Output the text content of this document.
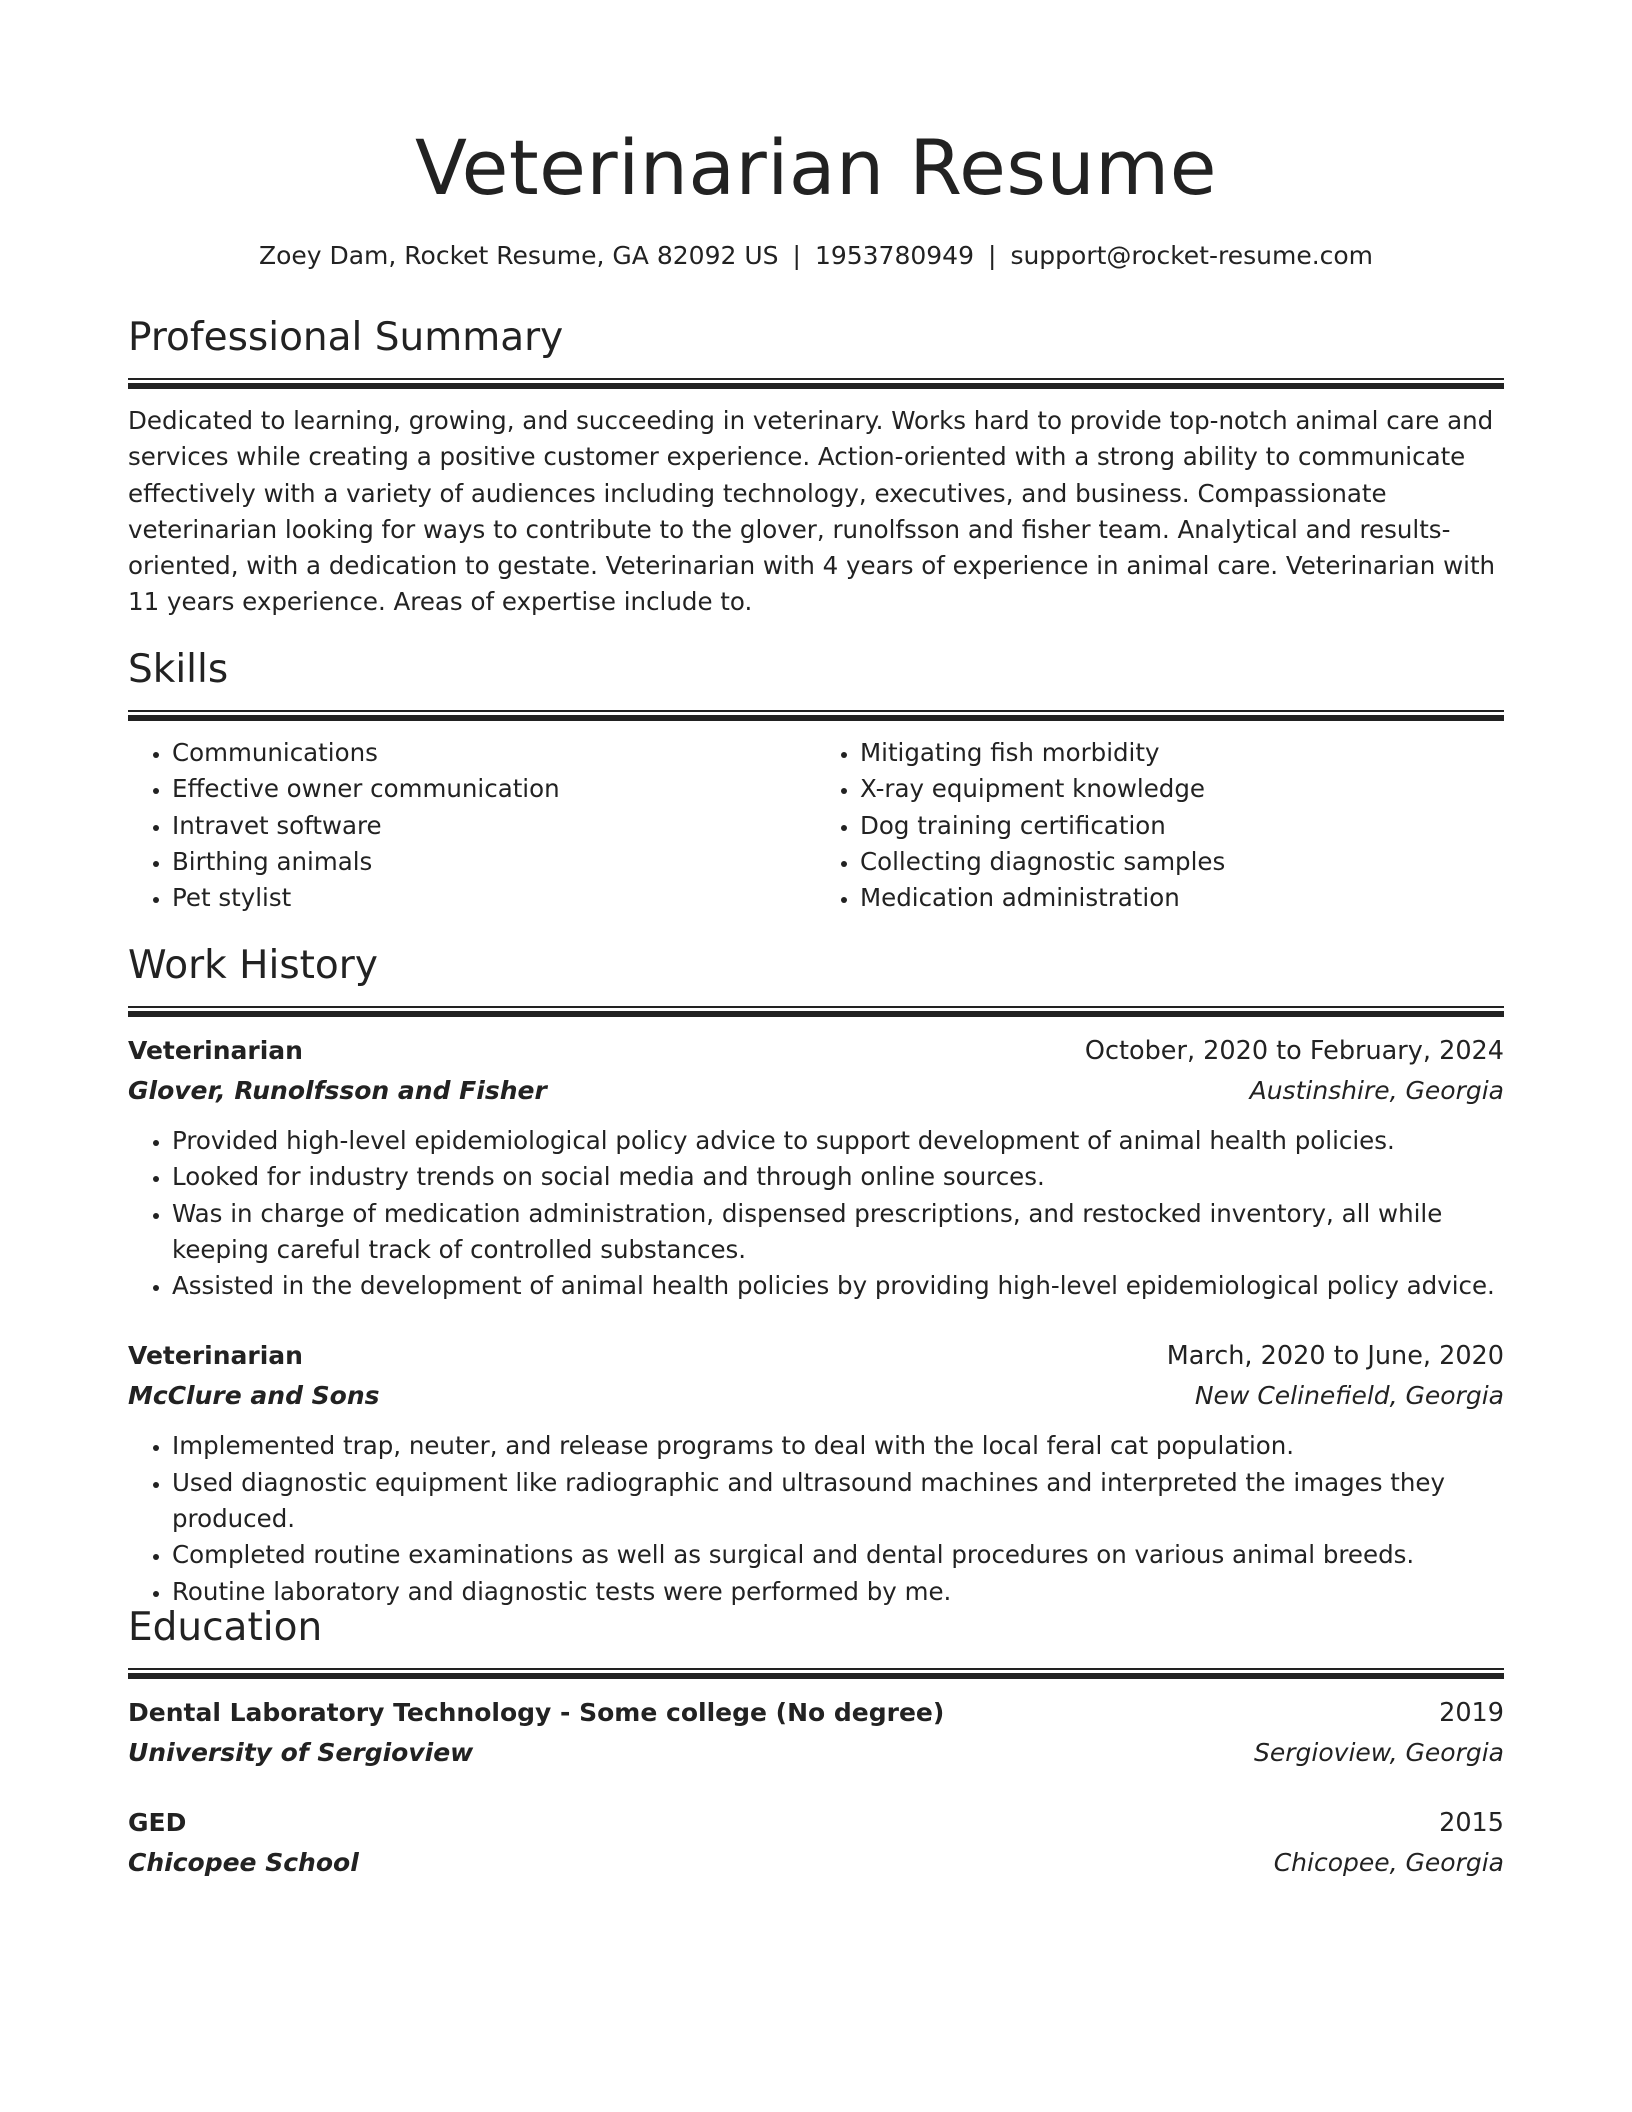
Veterinarian Resume
Zoey Dam, Rocket Resume, GA 82092 US | 1953780949 | support@rocket-resume.com
Professional Summary

Dedicated to learning, growing, and succeeding in veterinary. Works hard to provide top-notch animal care and services while creating a positive customer experience. Action-oriented with a strong ability to communicate effectively with a variety of audiences including technology, executives, and business. Compassionate veterinarian looking for ways to contribute to the glover, runolfsson and fisher team. Analytical and results-oriented, with a dedication to gestate. Veterinarian with 4 years of experience in animal care. Veterinarian with 11 years experience. Areas of expertise include to.

Skills
• Communications
• Effective owner communication
• Intravet software
• Birthing animals
• Pet stylist
• Mitigating fish morbidity
• X-ray equipment knowledge
• Dog training certification
• Collecting diagnostic samples
• Medication administration
Work History
Veterinarian	October, 2020 to February, 2024
Glover, Runolfsson and Fisher	Austinshire, Georgia
• Provided high-level epidemiological policy advice to support development of animal health policies.
• Looked for industry trends on social media and through online sources.
• Was in charge of medication administration, dispensed prescriptions, and restocked inventory, all while keeping careful track of controlled substances.
• Assisted in the development of animal health policies by providing high-level epidemiological policy advice.
Veterinarian	March, 2020 to June, 2020
McClure and Sons	New Celinefield, Georgia
• Implemented trap, neuter, and release programs to deal with the local feral cat population.
• Used diagnostic equipment like radiographic and ultrasound machines and interpreted the images they produced.
• Completed routine examinations as well as surgical and dental procedures on various animal breeds.
• Routine laboratory and diagnostic tests were performed by me.
Education
Dental Laboratory Technology - Some college (No degree)	2019
University of Sergioview	Sergioview, Georgia
GED	2015
Chicopee School	Chicopee, Georgia
